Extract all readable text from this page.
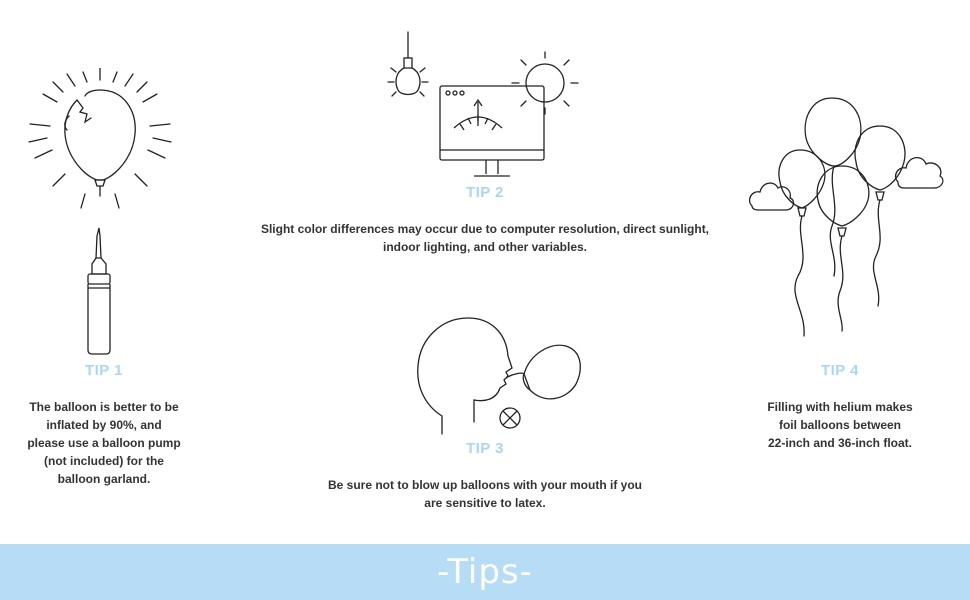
TIP 1
The balloon is better to be
inflated by 90%, and
please use a balloon pump
(not included) for the
balloon garland.
TIP 2
Slight color differences may occur due to computer resolution, direct sunlight,
indoor lighting, and other variables.
TIP 3
Be sure not to blow up balloons with your mouth if you
are sensitive to latex.
TIP 4
Filling with helium makes
foil balloons between
22-inch and 36-inch float.
-Tips-
